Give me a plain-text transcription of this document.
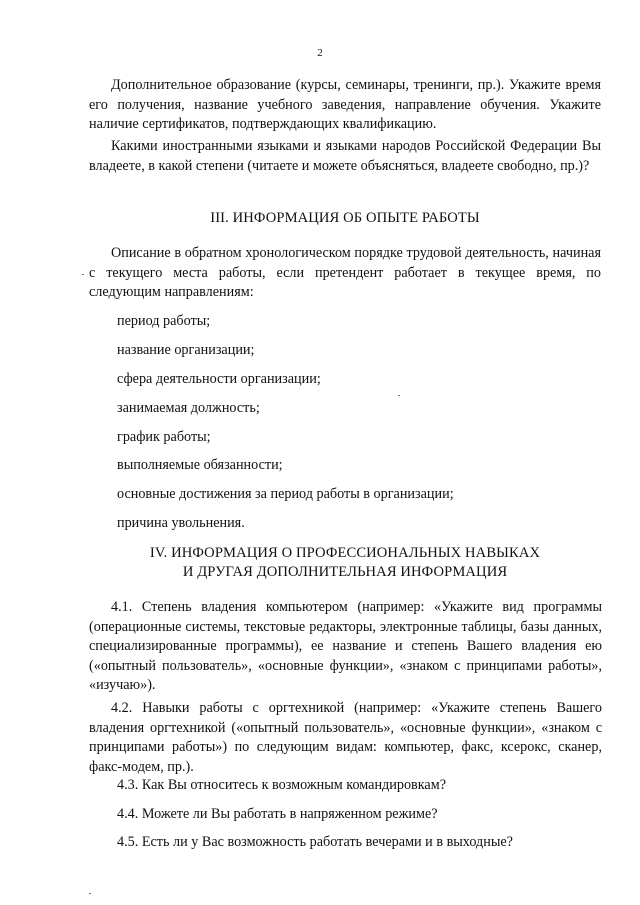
2
Дополнительное образование (курсы, семинары, тренинги, пр.). Укажите время его получения, название учебного заведения, направление обучения. Укажите наличие сертификатов, подтверждающих квалификацию.
Какими иностранными языками и языками народов Российской Федерации Вы владеете, в какой степени (читаете и можете объясняться, владеете свободно, пр.)?
III. ИНФОРМАЦИЯ ОБ ОПЫТЕ РАБОТЫ
Описание в обратном хронологическом порядке трудовой деятельность, начиная с текущего места работы, если претендент работает в текущее время, по следующим направлениям:
период работы;
название организации;
сфера деятельности организации;
занимаемая должность;
график работы;
выполняемые обязанности;
основные достижения за период работы в организации;
причина увольнения.
IV. ИНФОРМАЦИЯ О ПРОФЕССИОНАЛЬНЫХ НАВЫКАХ
И ДРУГАЯ ДОПОЛНИТЕЛЬНАЯ ИНФОРМАЦИЯ
4.1. Степень владения компьютером (например: «Укажите вид программы (операционные системы, текстовые редакторы, электронные таблицы, базы данных, специализированные программы), ее название и степень Вашего владения ею («опытный пользователь», «основные функции», «знаком с принципами работы», «изучаю»).
4.2. Навыки работы с оргтехникой (например: «Укажите степень Вашего владения оргтехникой («опытный пользователь», «основные функции», «знаком с принципами работы») по следующим видам: компьютер, факс, ксерокс, сканер, факс-модем, пр.).
4.3. Как Вы относитесь к возможным командировкам?
4.4. Можете ли Вы работать в напряженном режиме?
4.5. Есть ли у Вас возможность работать вечерами и в выходные?
